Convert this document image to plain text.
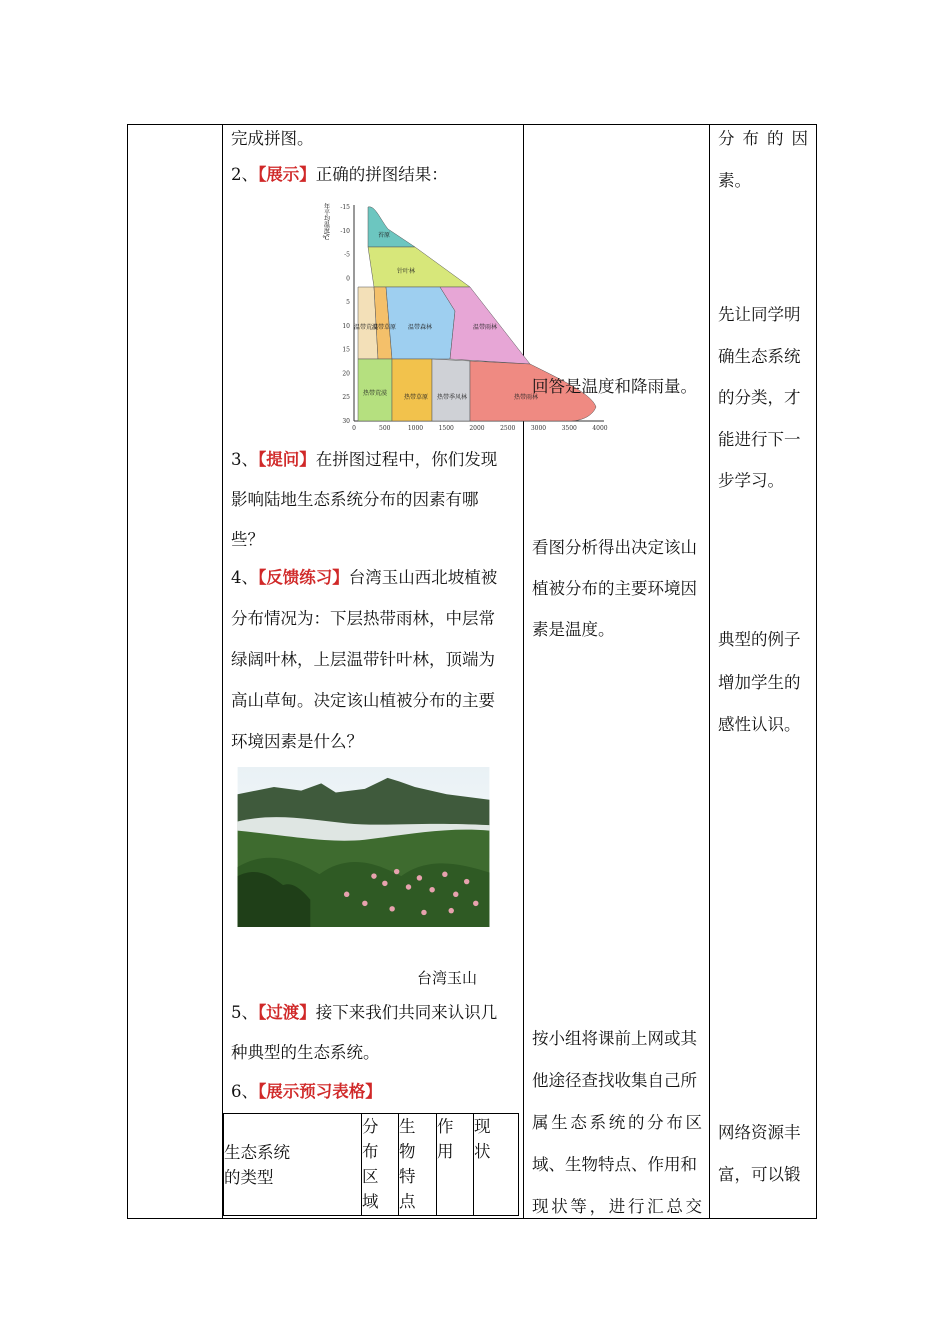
完成拼图。
2、【展示】正确的拼图结果：
年平均温度/℃ -15
-10
-5
0
5
10
15
20
25
30
0	500	1000	1500	2000	2500	3000	3500	4000
苔原
针叶林
温带森林	温带雨林
热带草原 热带季风林	热带雨林
温带荒漠
温带草原
热带荒漠
3、【提问】在拼图过程中，你们发现
影响陆地生态系统分布的因素有哪
些？
4、【反馈练习】台湾玉山西北坡植被
分布情况为：下层热带雨林，中层常
绿阔叶林，上层温带针叶林，顶端为
高山草甸。决定该山植被分布的主要
环境因素是什么？
台湾玉山
5、【过渡】接下来我们共同来认识几
种典型的生态系统。
6、【展示预习表格】
生态系统
的类型

分
布
区
域

生
物
特
点

作
用

现
状

回答是温度和降雨量。
看图分析得出决定该山
植被分布的主要环境因
素是温度。
按小组将课前上网或其
他途径查找收集自己所
属生态系统的分布区
域、生物特点、作用和
现状等，进行汇总交

分布的因
素。
先让同学明
确生态系统
的分类，才
能进行下一
步学习。
典型的例子
增加学生的
感性认识。
网络资源丰
富，可以锻
